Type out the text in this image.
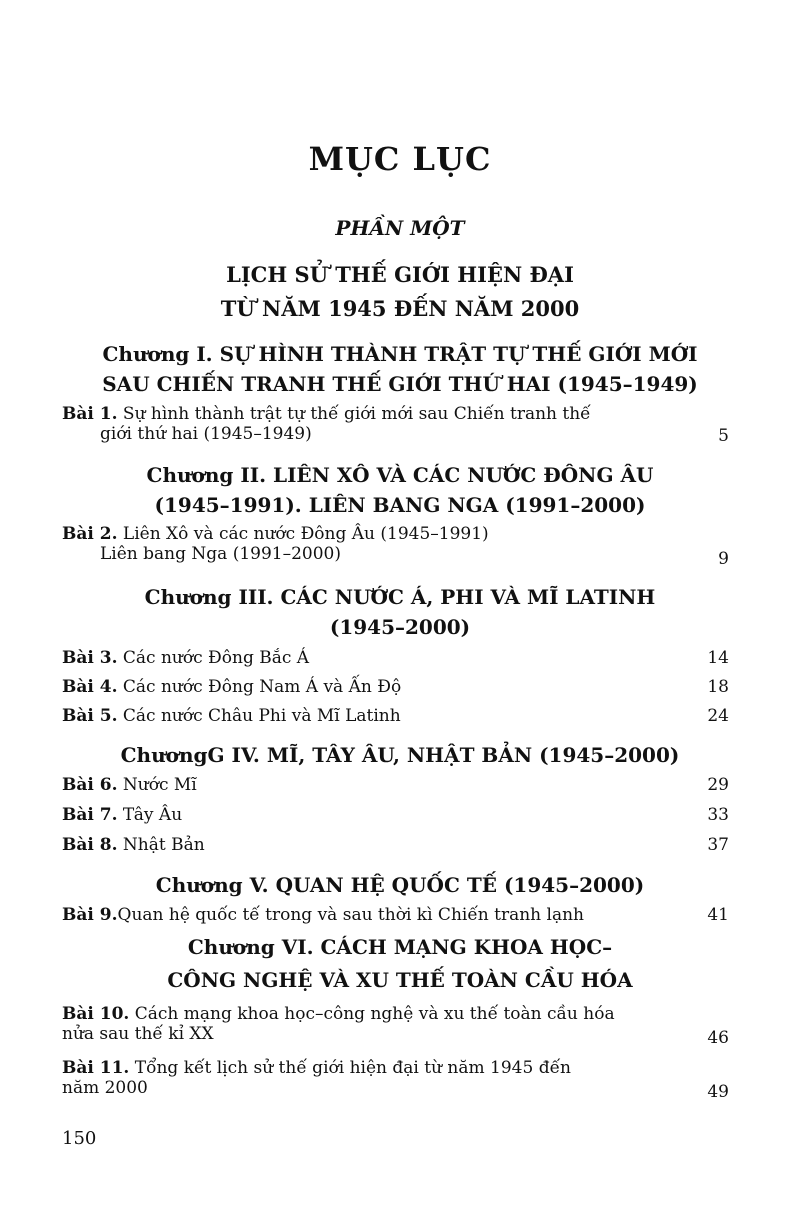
MỤC LỤC
PHẦN MỘT
LỊCH SỬ THẾ GIỚI HIỆN ĐẠI
TỪ NĂM 1945 ĐẾN NĂM 2000
Chương I. SỰ HÌNH THÀNH TRẬT TỰ THẾ GIỚI MỚI
SAU CHIẾN TRANH THẾ GIỚI THỨ HAI (1945–1949)
Bài 1. Sự hình thành trật tự thế giới mới sau Chiến tranh thế
giới thứ hai (1945–1949)	5
Chương II. LIÊN XÔ VÀ CÁC NƯỚC ĐÔNG ÂU
(1945–1991). LIÊN BANG NGA (1991–2000)
Bài 2. Liên Xô và các nước Đông Âu (1945–1991)
Liên bang Nga (1991–2000)	9
Chương III. CÁC NƯỚC Á, PHI VÀ MĨ LATINH
(1945–2000)
Bài 3. Các nước Đông Bắc Á	14
Bài 4. Các nước Đông Nam Á và Ấn Độ	18
Bài 5. Các nước Châu Phi và Mĩ Latinh	24
ChươngG IV. MĨ, TÂY ÂU, NHẬT BẢN (1945–2000)
Bài 6. Nước Mĩ	29
Bài 7. Tây Âu	33
Bài 8. Nhật Bản	37
Chương V. QUAN HỆ QUỐC TẾ (1945–2000)
Bài 9.Quan hệ quốc tế trong và sau thời kì Chiến tranh lạnh	41
Chương VI. CÁCH MẠNG KHOA HỌC–
CÔNG NGHỆ VÀ XU THẾ TOÀN CẦU HÓA
Bài 10. Cách mạng khoa học–công nghệ và xu thế toàn cầu hóa
nửa sau thế kỉ XX	46
Bài 11. Tổng kết lịch sử thế giới hiện đại từ năm 1945 đến
năm 2000	49
150
